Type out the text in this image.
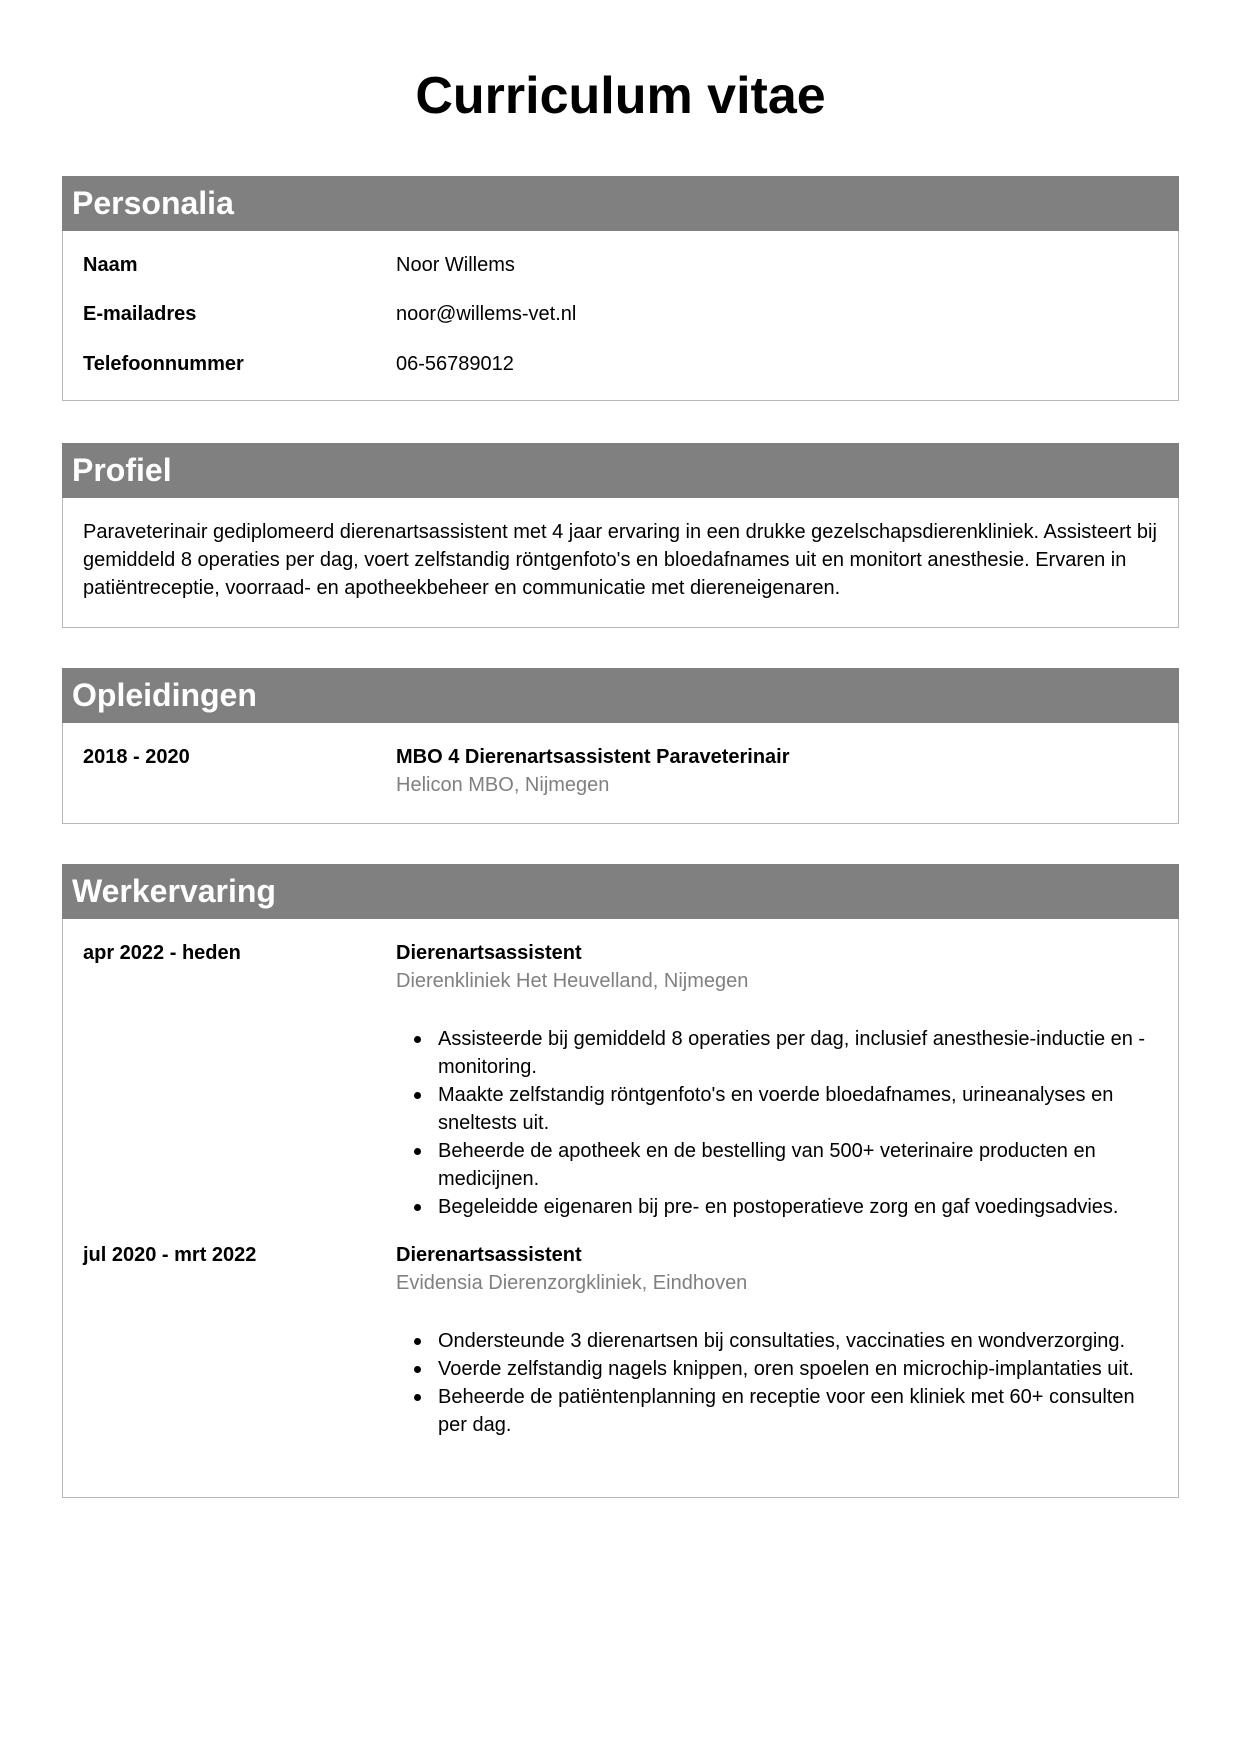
Curriculum vitae
Personalia
Naam	Noor Willems
E-mailadres	noor@willems-vet.nl
Telefoonnummer	06-56789012
Profiel
Paraveterinair gediplomeerd dierenartsassistent met 4 jaar ervaring in een drukke gezelschapsdierenkliniek. Assisteert bij gemiddeld 8 operaties per dag, voert zelfstandig röntgenfoto's en bloedafnames uit en monitort anesthesie. Ervaren in patiëntreceptie, voorraad- en apotheekbeheer en communicatie met diereneigenaren.
Opleidingen
2018 - 2020	MBO 4 Dierenartsassistent Paraveterinair
Helicon MBO, Nijmegen
Werkervaring
apr 2022 - heden	Dierenartsassistent
Dierenkliniek Het Heuvelland, Nijmegen
Assisteerde bij gemiddeld 8 operaties per dag, inclusief anesthesie-inductie en -monitoring.
Maakte zelfstandig röntgenfoto's en voerde bloedafnames, urineanalyses en sneltests uit.
Beheerde de apotheek en de bestelling van 500+ veterinaire producten en medicijnen.
Begeleidde eigenaren bij pre- en postoperatieve zorg en gaf voedingsadvies.
jul 2020 - mrt 2022	Dierenartsassistent
Evidensia Dierenzorgkliniek, Eindhoven
Ondersteunde 3 dierenartsen bij consultaties, vaccinaties en wondverzorging.
Voerde zelfstandig nagels knippen, oren spoelen en microchip-implantaties uit.
Beheerde de patiëntenplanning en receptie voor een kliniek met 60+ consulten per dag.
